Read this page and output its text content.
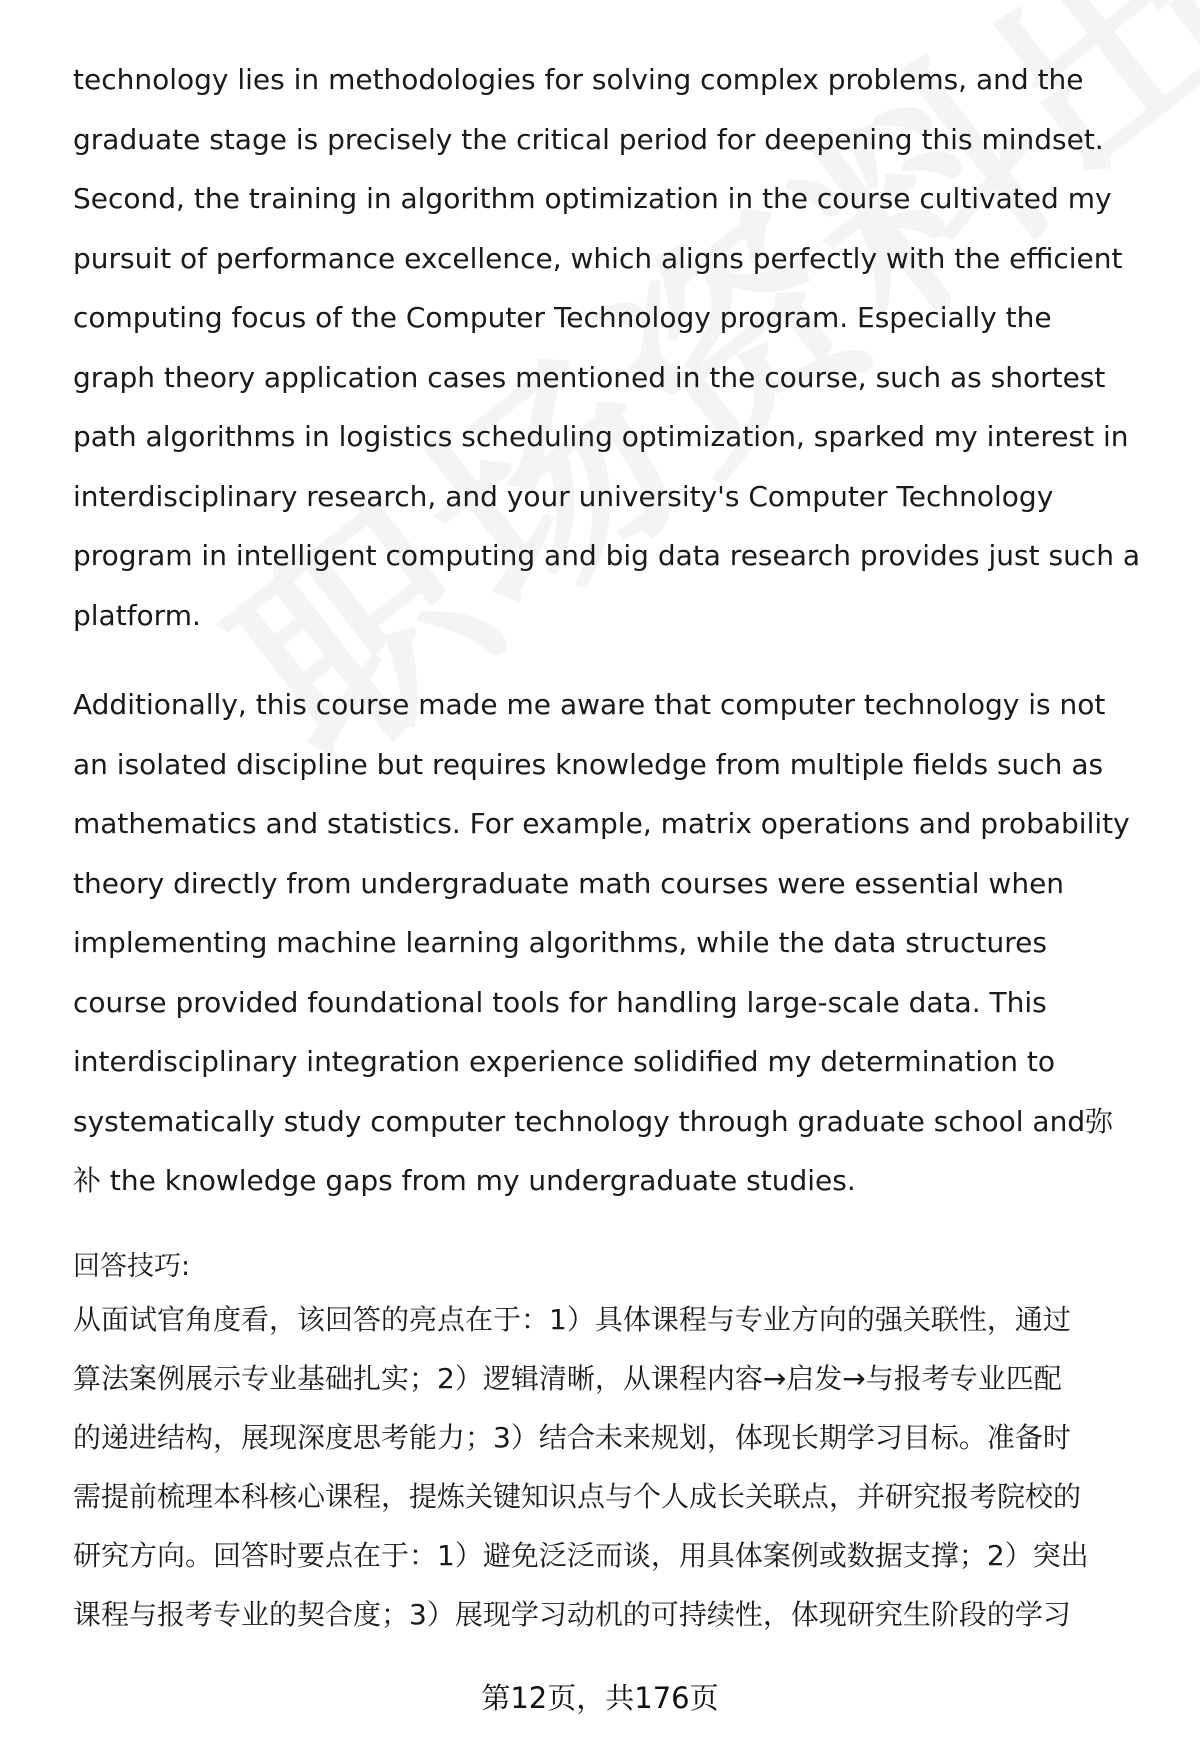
technology lies in methodologies for solving complex problems, and the
graduate stage is precisely the critical period for deepening this mindset.
Second, the training in algorithm optimization in the course cultivated my
pursuit of performance excellence, which aligns perfectly with the efficient
computing focus of the Computer Technology program. Especially the
graph theory application cases mentioned in the course, such as shortest
path algorithms in logistics scheduling optimization, sparked my interest in
interdisciplinary research, and your university's Computer Technology
program in intelligent computing and big data research provides just such a
platform.

Additionally, this course made me aware that computer technology is not
an isolated discipline but requires knowledge from multiple fields such as
mathematics and statistics. For example, matrix operations and probability
theory directly from undergraduate math courses were essential when
implementing machine learning algorithms, while the data structures
course provided foundational tools for handling large-scale data. This
interdisciplinary integration experience solidified my determination to
systematically study computer technology through graduate school and弥
补 the knowledge gaps from my undergraduate studies.

回答技巧:

从面试官角度看，该回答的亮点在于：1）具体课程与专业方向的强关联性，通过
算法案例展示专业基础扎实；2）逻辑清晰，从课程内容→启发→与报考专业匹配
的递进结构，展现深度思考能力；3）结合未来规划，体现长期学习目标。准备时
需提前梳理本科核心课程，提炼关键知识点与个人成长关联点，并研究报考院校的
研究方向。回答时要点在于：1）避免泛泛而谈，用具体案例或数据支撑；2）突出
课程与报考专业的契合度；3）展现学习动机的可持续性，体现研究生阶段的学习

第12页，共176页
